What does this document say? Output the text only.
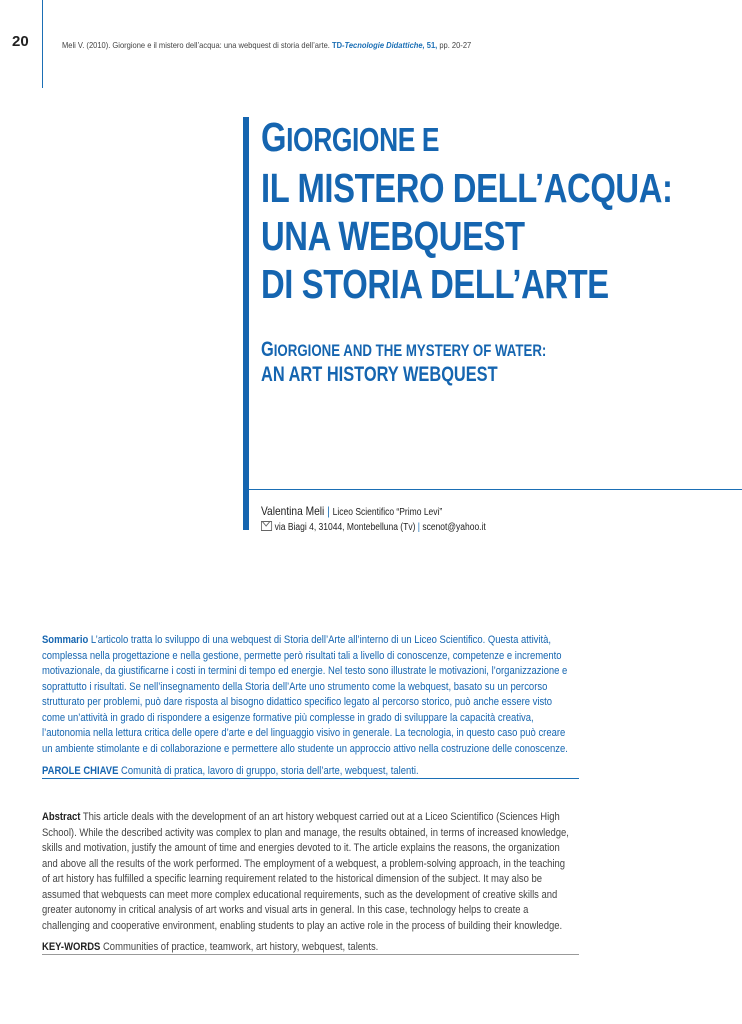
20	Meli V. (2010). Giorgione e il mistero dell’acqua: una webquest di storia dell’arte. TD-Tecnologie Didattiche, 51, pp. 20-27
GIORGIONE E
IL MISTERO DELL’ACQUA:
UNA WEBQUEST
DI STORIA DELL’ARTE
GIORGIONE AND THE MYSTERY OF WATER:
AN ART HISTORY WEBQUEST
Valentina Meli | Liceo Scientifico “Primo Levi”
via Biagi 4, 31044, Montebelluna (Tv) | scenot@yahoo.it
Sommario L’articolo tratta lo sviluppo di una webquest di Storia dell’Arte all’interno di un Liceo Scientifico. Questa attività, complessa nella progettazione e nella gestione, permette però risultati tali a livello di conoscenze, competenze e incremento motivazionale, da giustificarne i costi in termini di tempo ed energie. Nel testo sono illustrate le motivazioni, l’organizzazione e soprattutto i risultati. Se nell’insegnamento della Storia dell’Arte uno strumento come la webquest, basato su un percorso strutturato per problemi, può dare risposta al bisogno didattico specifico legato al percorso storico, può anche essere visto come un’attività in grado di rispondere a esigenze formative più complesse in grado di sviluppare la capacità creativa, l’autonomia nella lettura critica delle opere d’arte e del linguaggio visivo in generale. La tecnologia, in questo caso può creare un ambiente stimolante e di collaborazione e permettere allo studente un approccio attivo nella costruzione delle conoscenze.
PAROLE CHIAVE Comunità di pratica, lavoro di gruppo, storia dell’arte, webquest, talenti.
Abstract This article deals with the development of an art history webquest carried out at a Liceo Scientifico (Sciences High School). While the described activity was complex to plan and manage, the results obtained, in terms of increased knowledge, skills and motivation, justify the amount of time and energies devoted to it. The article explains the reasons, the organization and above all the results of the work performed. The employment of a webquest, a problem-solving approach, in the teaching of art history has fulfilled a specific learning requirement related to the historical dimension of the subject. It may also be assumed that webquests can meet more complex educational requirements, such as the development of creative skills and greater autonomy in critical analysis of art works and visual arts in general. In this case, technology helps to create a challenging and cooperative environment, enabling students to play an active role in the process of building their knowledge.
KEY-WORDS Communities of practice, teamwork, art history, webquest, talents.
